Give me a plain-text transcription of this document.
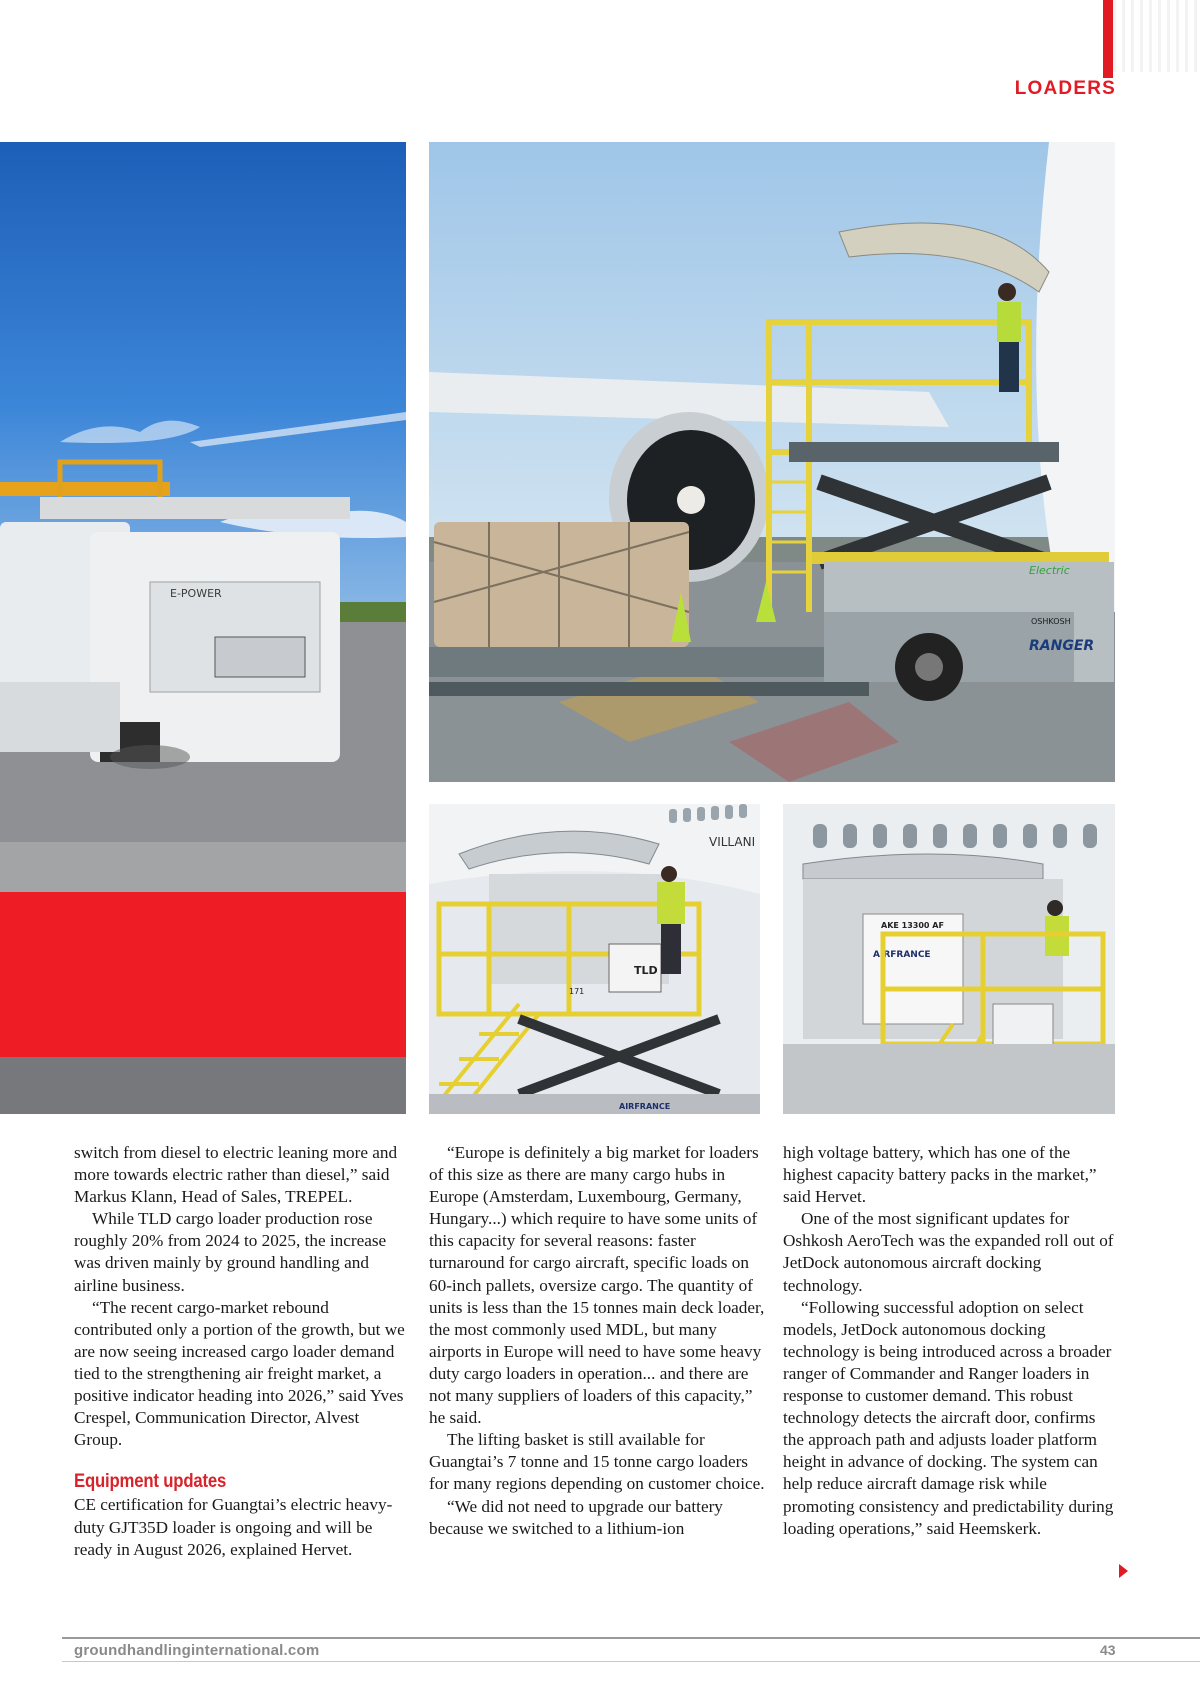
LOADERS
E-POWER
Electric
OSHKOSH
RANGER
VILLANI
TLD
171
AIRFRANCE
AKE 13300 AF
AIRFRANCE

switch from diesel to electric leaning more and more towards electric rather than diesel,” said Markus Klann, Head of Sales, TREPEL.

While TLD cargo loader production rose roughly 20% from 2024 to 2025, the increase was driven mainly by ground handling and airline business.

“The recent cargo-market rebound contributed only a portion of the growth, but we are now seeing increased cargo loader demand tied to the strengthening air freight market, a positive indicator heading into 2026,” said Yves Crespel, Communication Director, Alvest Group.

Equipment updates

CE certification for Guangtai’s electric heavy-duty GJT35D loader is ongoing and will be ready in August 2026, explained Hervet.

“Europe is definitely a big market for loaders of this size as there are many cargo hubs in Europe (Amsterdam, Luxembourg, Germany, Hungary...) which require to have some units of this capacity for several reasons: faster turnaround for cargo aircraft, specific loads on 60-inch pallets, oversize cargo. The quantity of units is less than the 15 tonnes main deck loader, the most commonly used MDL, but many airports in Europe will need to have some heavy duty cargo loaders in operation... and there are not many suppliers of loaders of this capacity,” he said.

The lifting basket is still available for Guangtai’s 7 tonne and 15 tonne cargo loaders for many regions depending on customer choice.

“We did not need to upgrade our battery because we switched to a lithium-ion

high voltage battery, which has one of the highest capacity battery packs in the market,” said Hervet.

One of the most significant updates for Oshkosh AeroTech was the expanded roll out of JetDock autonomous aircraft docking technology.

“Following successful adoption on select models, JetDock autonomous docking technology is being introduced across a broader ranger of Commander and Ranger loaders in response to customer demand. This robust technology detects the aircraft door, confirms the approach path and adjusts loader platform height in advance of docking. The system can help reduce aircraft damage risk while promoting consistency and predictability during loading operations,” said Heemskerk.

groundhandlinginternational.com	43
